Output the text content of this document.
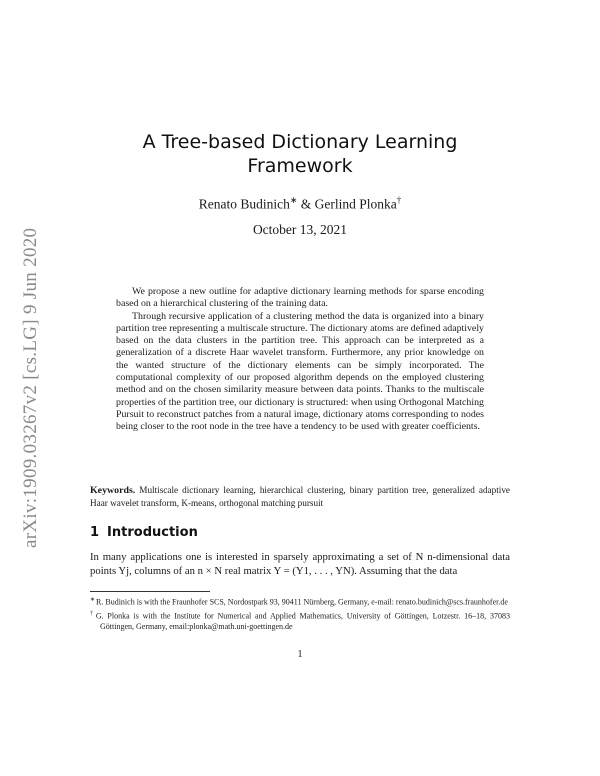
arXiv:1909.03267v2 [cs.LG] 9 Jun 2020
A Tree-based Dictionary Learning
Framework
Renato Budinich∗ & Gerlind Plonka†
October 13, 2021

We propose a new outline for adaptive dictionary learning methods for sparse encoding based on a hierarchical clustering of the training data.

Through recursive application of a clustering method the data is organized into a binary partition tree representing a multiscale structure. The dictionary atoms are defined adaptively based on the data clusters in the partition tree. This approach can be interpreted as a generalization of a discrete Haar wavelet transform. Furthermore, any prior knowledge on the wanted structure of the dictionary elements can be simply incorporated. The computational complexity of our proposed algorithm depends on the employed clustering method and on the chosen similarity measure between data points. Thanks to the multiscale properties of the partition tree, our dictionary is structured: when using Orthogonal Matching Pursuit to reconstruct patches from a natural image, dictionary atoms corresponding to nodes being closer to the root node in the tree have a tendency to be used with greater coefficients.

Keywords. Multiscale dictionary learning, hierarchical clustering, binary partition tree, generalized adaptive Haar wavelet transform, K-means, orthogonal matching pursuit
1 Introduction

In many applications one is interested in sparsely approximating a set of N n-dimensional data points Yj, columns of an n × N real matrix Y = (Y1, . . . , YN). Assuming that the data

∗R. Budinich is with the Fraunhofer SCS, Nordostpark 93, 90411 Nürnberg, Germany, e-mail: renato.budinich@scs.fraunhofer.de

†G. Plonka is with the Institute for Numerical and Applied Mathematics, University of Göttingen, Lotzestr. 16–18, 37083 Göttingen, Germany, email:plonka@math.uni-goettingen.de

1
